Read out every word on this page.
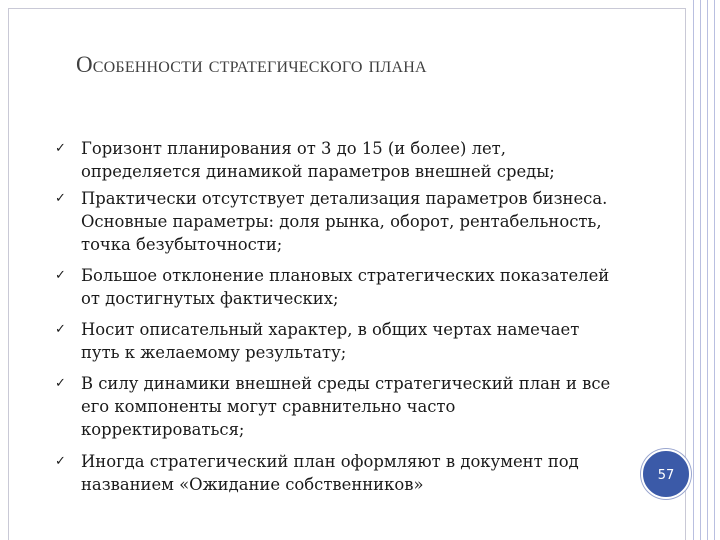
Особенности стратегического плана
✓ Горизонт планирования от 3 до 15 (и более) лет, определяется динамикой параметров внешней среды;
✓ Практически отсутствует детализация параметров бизнеса. Основные параметры: доля рынка, оборот, рентабельность, точка безубыточности;
✓ Большое отклонение плановых стратегических показателей от достигнутых фактических;
✓ Носит описательный характер, в общих чертах намечает путь к желаемому результату;
✓ В силу динамики внешней среды стратегический план и все его компоненты могут сравнительно часто корректироваться;
✓ Иногда стратегический план оформляют в документ под названием «Ожидание собственников»	57
